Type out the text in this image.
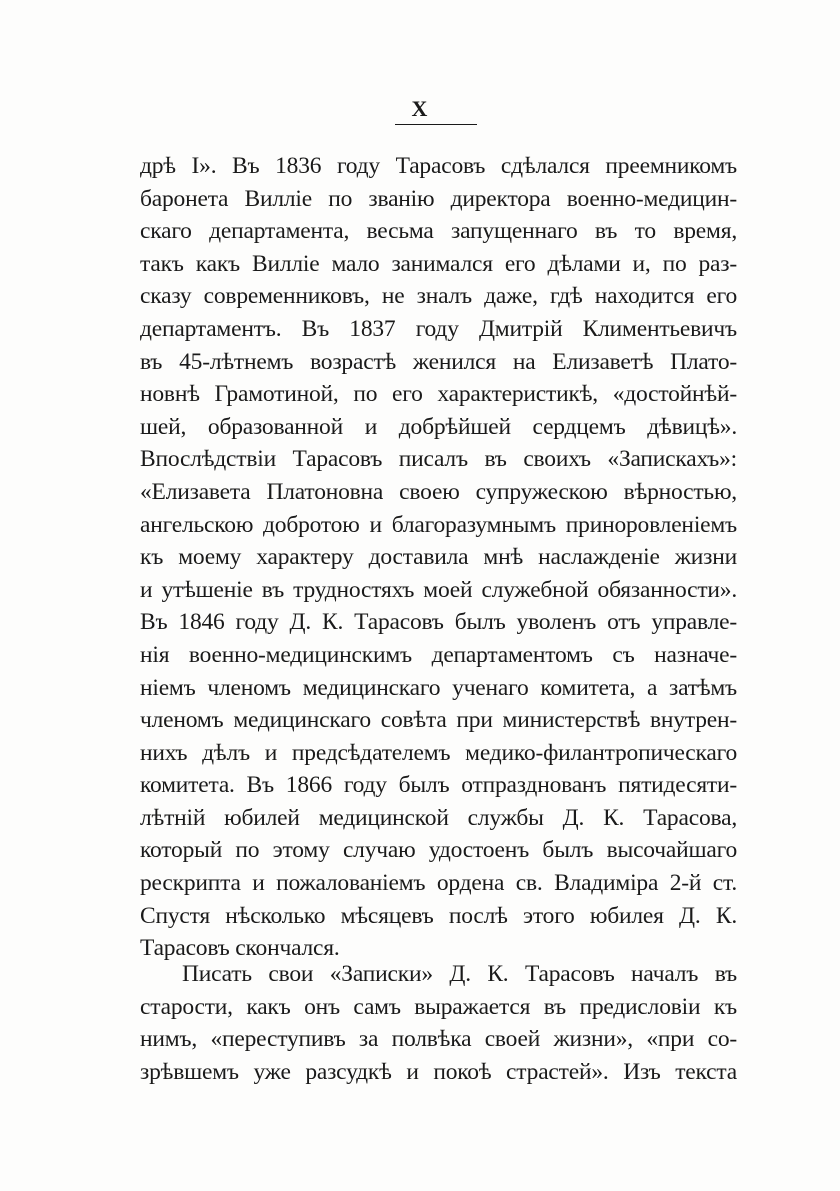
X
дрѣ I». Въ 1836 году Тарасовъ сдѣлался преемникомъ
баронета Виллie по званію директора военно-медицин-
скаго департамента, весьма запущеннаго въ то время,
такъ какъ Виллie мало занимался его дѣлами и, по раз-
сказу современниковъ, не зналъ даже, гдѣ находится его
департаментъ. Въ 1837 году Дмитрій Климентьевичъ
въ 45-лѣтнемъ возрастѣ женился на Елизаветѣ Плато-
новнѣ Грамотиной, по его характеристикѣ, «достойнѣй-
шей, образованной и добрѣйшей сердцемъ дѣвицѣ».
Впослѣдствіи Тарасовъ писалъ въ своихъ «Запискахъ»:
«Елизавета Платоновна своею супружескою вѣрностью,
ангельскою добротою и благоразумнымъ приноровленіемъ
къ моему характеру доставила мнѣ наслажденіе жизни
и утѣшеніе въ трудностяхъ моей служебной обязанности».
Въ 1846 году Д. К. Тарасовъ былъ уволенъ отъ управле-
нія военно-медицинскимъ департаментомъ съ назначе-
ніемъ членомъ медицинскаго ученаго комитета, а затѣмъ
членомъ медицинскаго совѣта при министерствѣ внутрен-
нихъ дѣлъ и предсѣдателемъ медико-филантропическаго
комитета. Въ 1866 году былъ отпразднованъ пятидесяти-
лѣтній юбилей медицинской службы Д. К. Тарасова,
который по этому случаю удостоенъ былъ высочайшаго
рескрипта и пожалованіемъ ордена св. Владиміра 2-й ст.
Спустя нѣсколько мѣсяцевъ послѣ этого юбилея Д. К.
Тарасовъ скончался.
Писать свои «Записки» Д. К. Тарасовъ началъ въ
старости, какъ онъ самъ выражается въ предисловіи къ
нимъ, «переступивъ за полвѣка своей жизни», «при со-
зрѣвшемъ уже разсудкѣ и покоѣ страстей». Изъ текста
